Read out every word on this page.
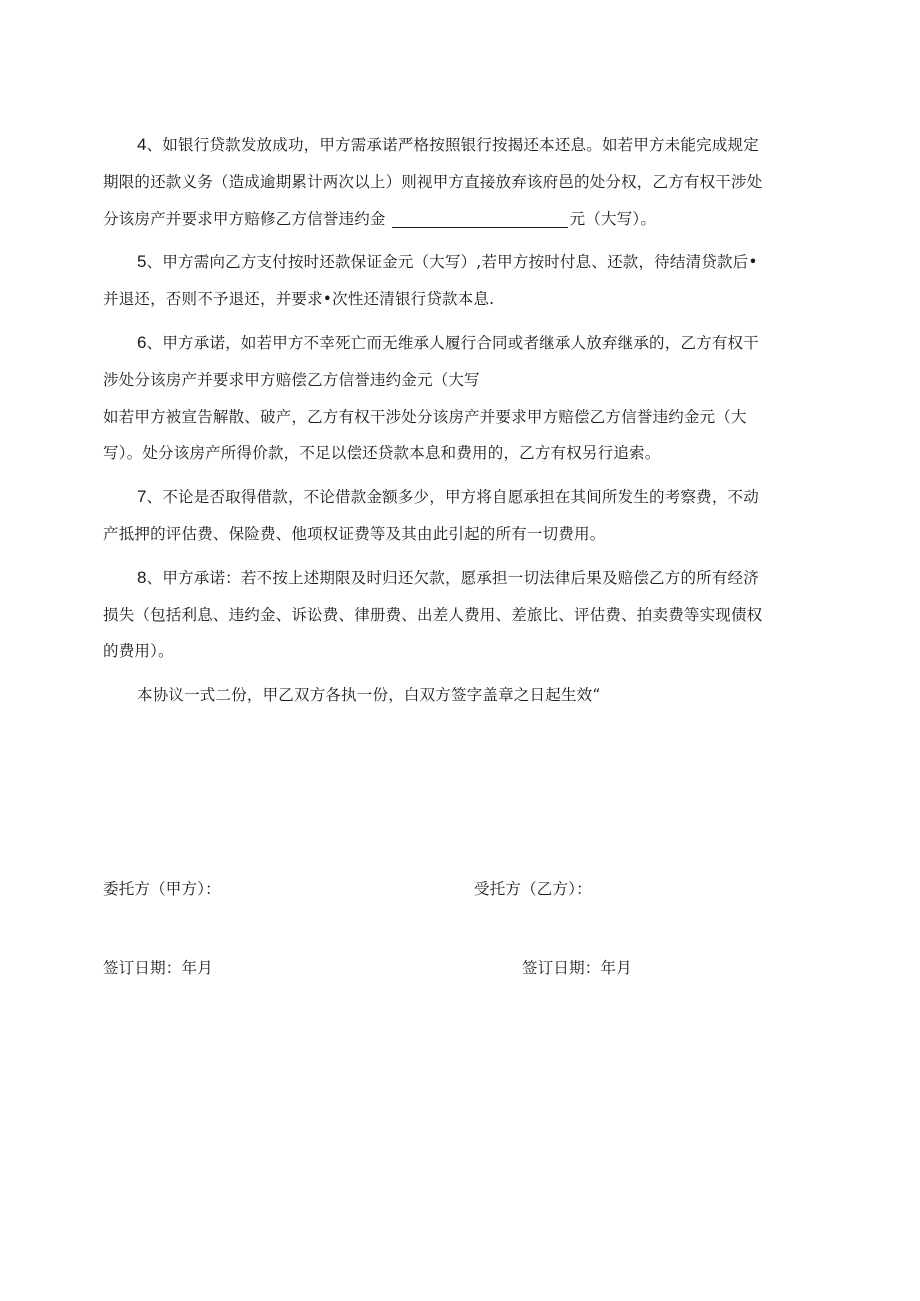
4、如银行贷款发放成功，甲方需承诺严格按照银行按揭还本还息。如若甲方未能完成规定
期限的还款义务（造成逾期累计两次以上）则视甲方直接放弃该府邑的处分权，乙方有权干涉处
分该房产并要求甲方赔修乙方信誉违约金	元（大写）。

5、甲方需向乙方支付按时还款保证金元（大写）,若甲方按时付息、还款，待结清贷款后•
并退还，否则不予退还，并要求•次性还清银行贷款本息.

6、甲方承诺，如若甲方不幸死亡而无维承人履行合同或者继承人放弃继承的，乙方有权干
涉处分该房产并要求甲方赔偿乙方信誉违约金元（大写
如若甲方被宣告解散、破产，乙方有权干涉处分该房产并要求甲方赔偿乙方信誉违约金元（大
写）。处分该房产所得价款，不足以偿还贷款本息和费用的，乙方有权另行追索。

7、不论是否取得借款，不论借款金额多少，甲方将自愿承担在其间所发生的考察费，不动
产抵押的评估费、保险费、他项权证费等及其由此引起的所有一切费用。

8、甲方承诺：若不按上述期限及时归还欠款，愿承担一切法律后果及赔偿乙方的所有经济
损失（包括利息、违约金、诉讼费、律册费、出差人费用、差旅比、评估费、拍卖费等实现债权
的费用）。

本协议一式二份，甲乙双方各执一份，白双方签字盖章之日起生效“

委托方（甲方）：	受托方（乙方）：
签订日期：年月	签订日期：年月
